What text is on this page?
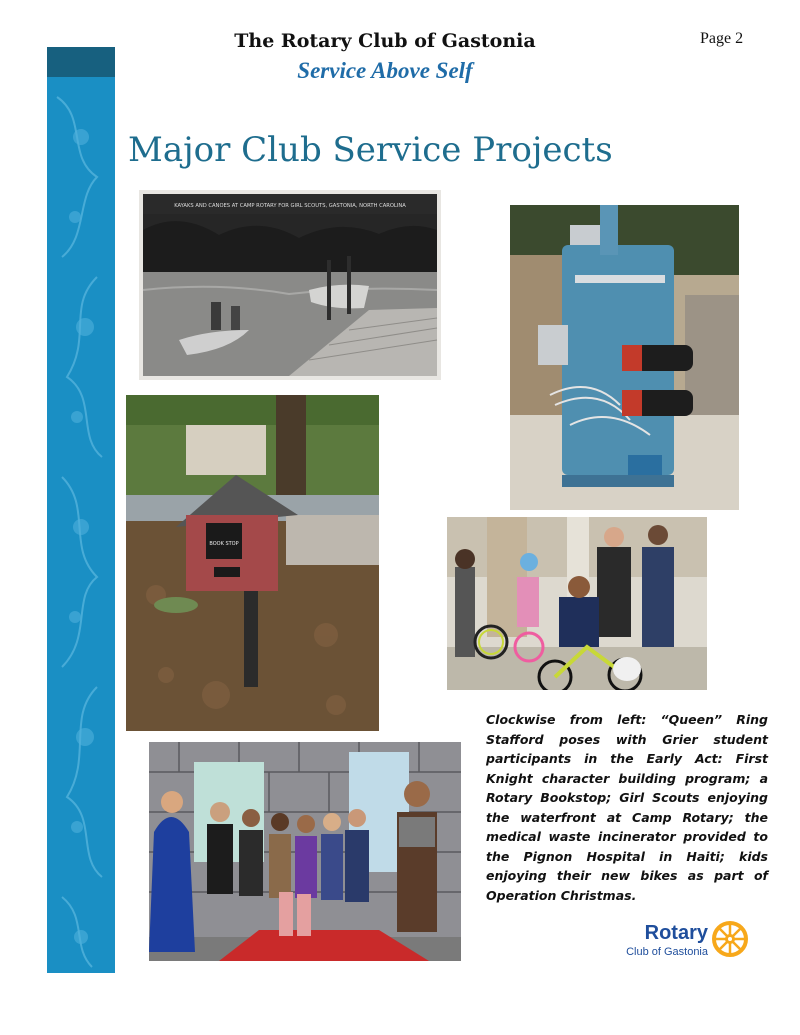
The Rotary Club of Gastonia
Service Above Self
Page 2
Major Club Service Projects
KAYAKS AND CANOES AT CAMP ROTARY FOR GIRL SCOUTS, GASTONIA, NORTH CAROLINA
BOOK STOP
Clockwise from left: “Queen” Ring Stafford poses with Grier student participants in the Early Act: First Knight character building program; a Rotary Bookstop; Girl Scouts enjoying the waterfront at Camp Rotary; the medical waste incinerator provided to the Pignon Hospital in Haiti; kids enjoying their new bikes as part of Operation Christmas.
Rotary
Club of Gastonia
